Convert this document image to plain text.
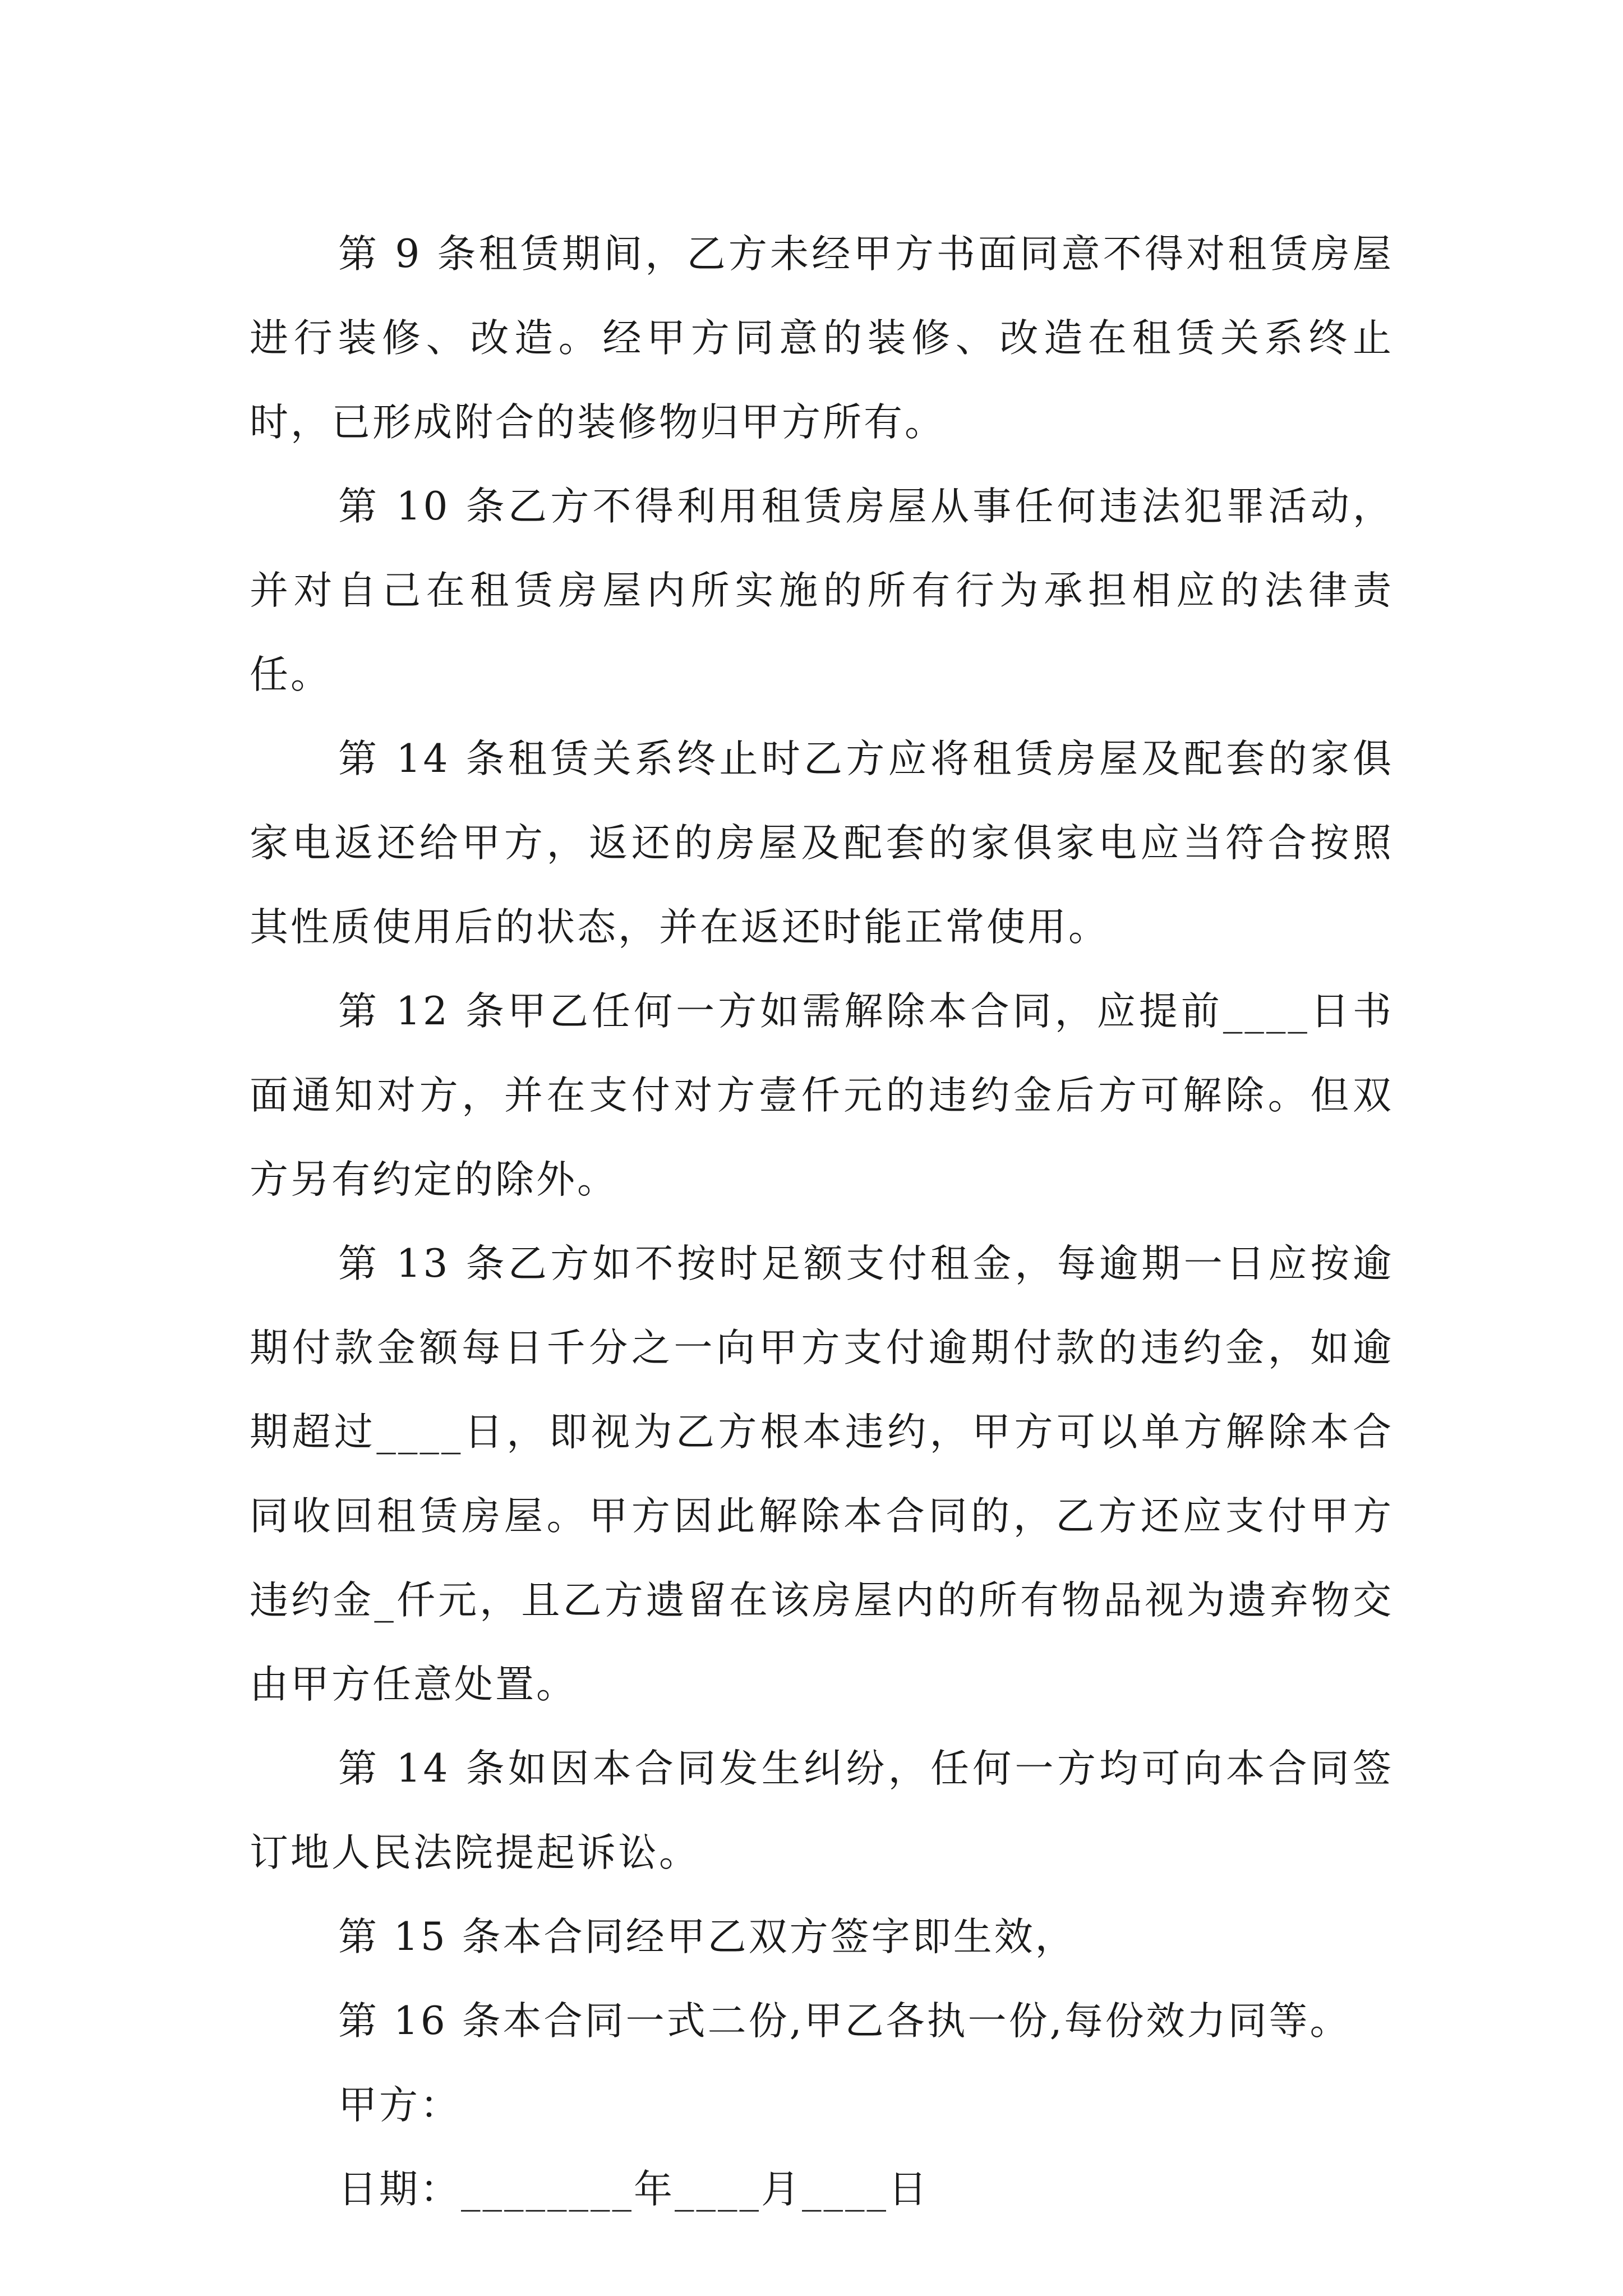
第 9 条租赁期间，乙方未经甲方书面同意不得对租赁房屋进行装修、改造。经甲方同意的装修、改造在租赁关系终止时，已形成附合的装修物归甲方所有。

第 10 条乙方不得利用租赁房屋从事任何违法犯罪活动，并对自己在租赁房屋内所实施的所有行为承担相应的法律责任。

第 14 条租赁关系终止时乙方应将租赁房屋及配套的家俱家电返还给甲方，返还的房屋及配套的家俱家电应当符合按照其性质使用后的状态，并在返还时能正常使用。

第 12 条甲乙任何一方如需解除本合同，应提前____日书面通知对方，并在支付对方壹仟元的违约金后方可解除。但双方另有约定的除外。

第 13 条乙方如不按时足额支付租金，每逾期一日应按逾期付款金额每日千分之一向甲方支付逾期付款的违约金，如逾期超过____日，即视为乙方根本违约，甲方可以单方解除本合同收回租赁房屋。甲方因此解除本合同的，乙方还应支付甲方违约金_仟元，且乙方遗留在该房屋内的所有物品视为遗弃物交由甲方任意处置。

第 14 条如因本合同发生纠纷，任何一方均可向本合同签订地人民法院提起诉讼。

第 15 条本合同经甲乙双方签字即生效，

第 16 条本合同一式二份,甲乙各执一份,每份效力同等。

甲方：

日期：________年____月____日
